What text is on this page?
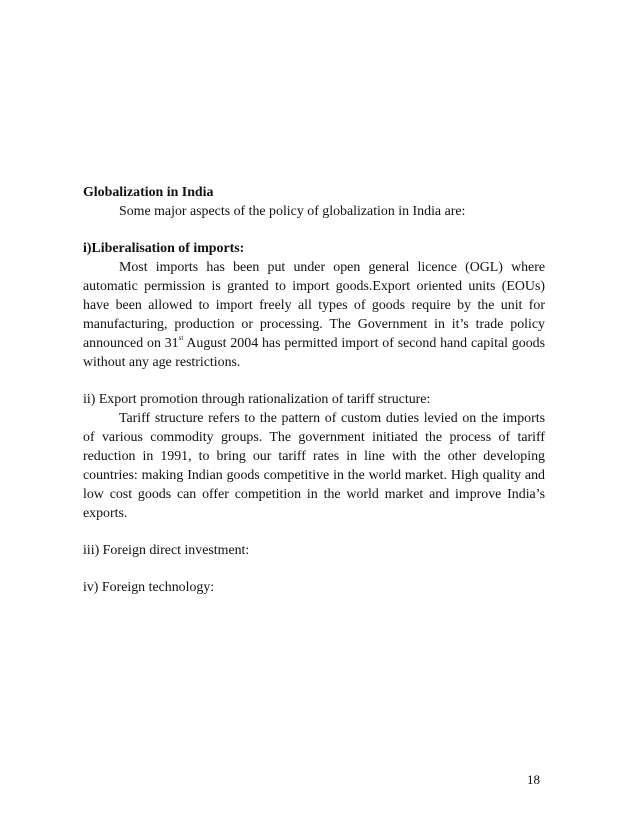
Globalization in India

Some major aspects of the policy of globalization in India are:

i)Liberalisation of imports:

Most imports has been put under open general licence (OGL) where automatic permission is granted to import goods.Export oriented units (EOUs) have been allowed to import freely all types of goods require by the unit for manufacturing, production or processing. The Government in it’s trade policy announced on 31st August 2004 has permitted import of second hand capital goods without any age restrictions.

ii) Export promotion through rationalization of tariff structure:

Tariff structure refers to the pattern of custom duties levied on the imports of various commodity groups. The government initiated the process of tariff reduction in 1991, to bring our tariff rates in line with the other developing countries: making Indian goods competitive in the world market. High quality and low cost goods can offer competition in the world market and improve India’s exports.

iii) Foreign direct investment:

iv) Foreign technology:

18
